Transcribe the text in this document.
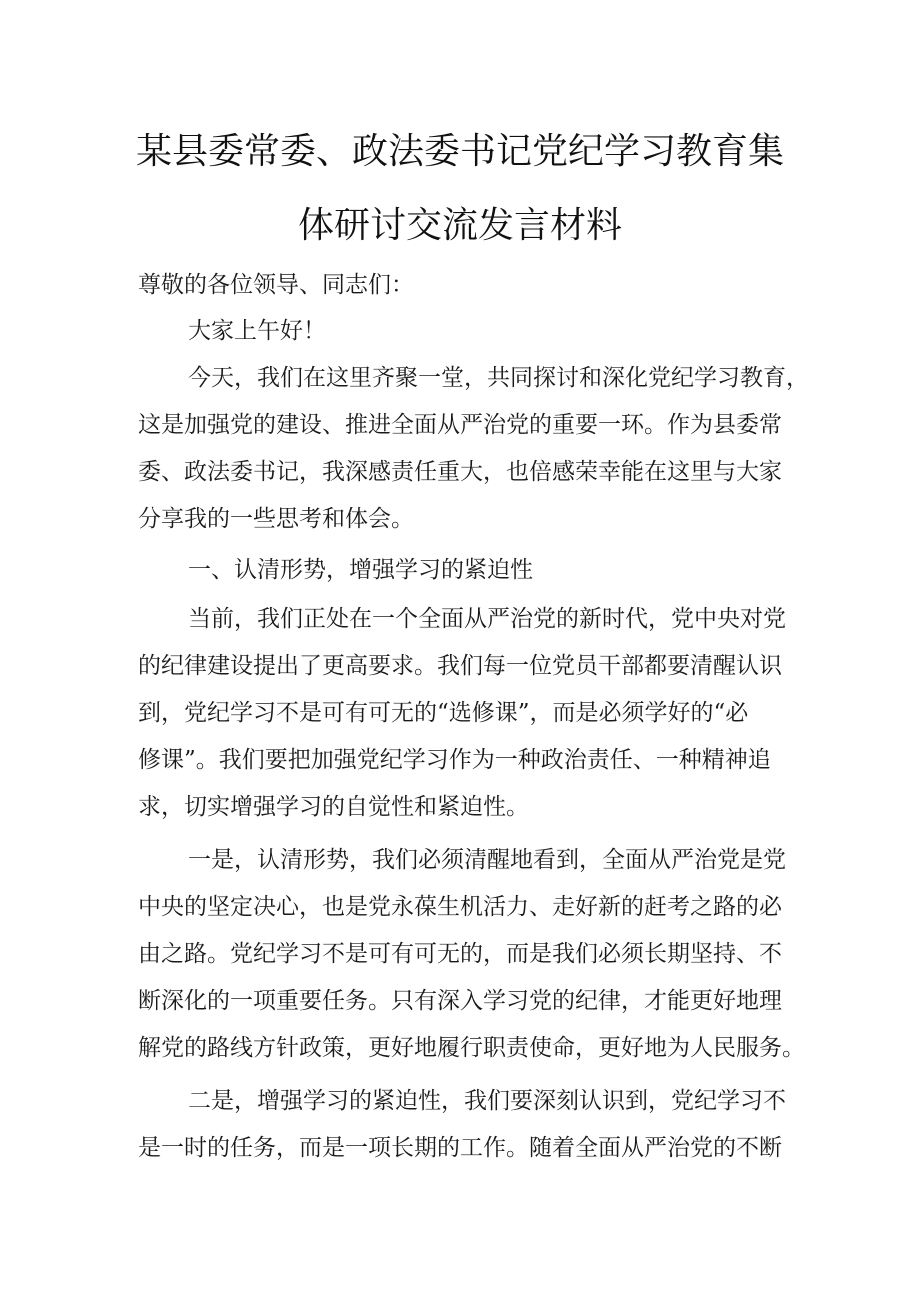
某县委常委、政法委书记党纪学习教育集
体研讨交流发言材料
尊敬的各位领导、同志们：
大家上午好！
今天，我们在这里齐聚一堂，共同探讨和深化党纪学习教育，
这是加强党的建设、推进全面从严治党的重要一环。作为县委常
委、政法委书记，我深感责任重大，也倍感荣幸能在这里与大家
分享我的一些思考和体会。
一、认清形势，增强学习的紧迫性
当前，我们正处在一个全面从严治党的新时代，党中央对党
的纪律建设提出了更高要求。我们每一位党员干部都要清醒认识
到，党纪学习不是可有可无的“选修课”，而是必须学好的“必
修课”。我们要把加强党纪学习作为一种政治责任、一种精神追
求，切实增强学习的自觉性和紧迫性。
一是，认清形势，我们必须清醒地看到，全面从严治党是党
中央的坚定决心，也是党永葆生机活力、走好新的赶考之路的必
由之路。党纪学习不是可有可无的，而是我们必须长期坚持、不
断深化的一项重要任务。只有深入学习党的纪律，才能更好地理
解党的路线方针政策，更好地履行职责使命，更好地为人民服务。
二是，增强学习的紧迫性，我们要深刻认识到，党纪学习不
是一时的任务，而是一项长期的工作。随着全面从严治党的不断
